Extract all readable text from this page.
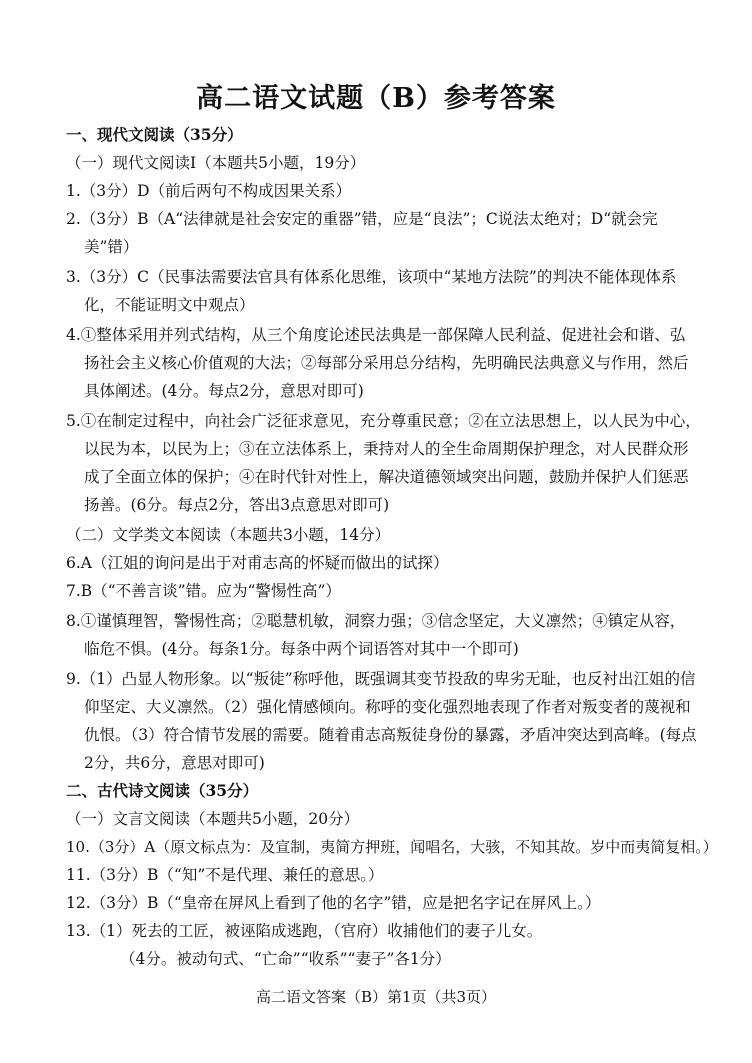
高二语文试题（B）参考答案
一、现代文阅读（35分）
（一）现代文阅读Ⅰ（本题共5小题，19分）
1.（3分）D（前后两句不构成因果关系）
2.（3分）B（A“法律就是社会安定的重器”错，应是“良法”；C说法太绝对；D“就会完
美”错）
3.（3分）C（民事法需要法官具有体系化思维，该项中“某地方法院”的判决不能体现体系
化，不能证明文中观点）
4.①整体采用并列式结构，从三个角度论述民法典是一部保障人民利益、促进社会和谐、弘
扬社会主义核心价值观的大法；②每部分采用总分结构，先明确民法典意义与作用，然后
具体阐述。(4分。每点2分，意思对即可)
5.①在制定过程中，向社会广泛征求意见，充分尊重民意；②在立法思想上，以人民为中心，
以民为本，以民为上；③在立法体系上，秉持对人的全生命周期保护理念，对人民群众形
成了全面立体的保护；④在时代针对性上，解决道德领域突出问题，鼓励并保护人们惩恶
扬善。(6分。每点2分，答出3点意思对即可)
（二）文学类文本阅读（本题共3小题，14分）
6.A（江姐的询问是出于对甫志高的怀疑而做出的试探）
7.B（“不善言谈”错。应为“警惕性高”）
8.①谨慎理智，警惕性高；②聪慧机敏，洞察力强；③信念坚定，大义凛然；④镇定从容，
临危不惧。(4分。每条1分。每条中两个词语答对其中一个即可)
9.（1）凸显人物形象。以“叛徒”称呼他，既强调其变节投敌的卑劣无耻，也反衬出江姐的信
仰坚定、大义凛然。（2）强化情感倾向。称呼的变化强烈地表现了作者对叛变者的蔑视和
仇恨。（3）符合情节发展的需要。随着甫志高叛徒身份的暴露，矛盾冲突达到高峰。(每点
2分，共6分，意思对即可)
二、古代诗文阅读（35分）
（一）文言文阅读（本题共5小题，20分）
10.（3分）A（原文标点为：及宣制，夷简方押班，闻唱名，大骇，不知其故。岁中而夷简复相。）
11.（3分）B（“知”不是代理、兼任的意思。）
12.（3分）B（“皇帝在屏风上看到了他的名字”错，应是把名字记在屏风上。）
13.（1）死去的工匠，被诬陷成逃跑，（官府）收捕他们的妻子儿女。
（4分。被动句式、“亡命”“收系”“妻子”各1分）
高二语文答案（B）第1页（共3页）
